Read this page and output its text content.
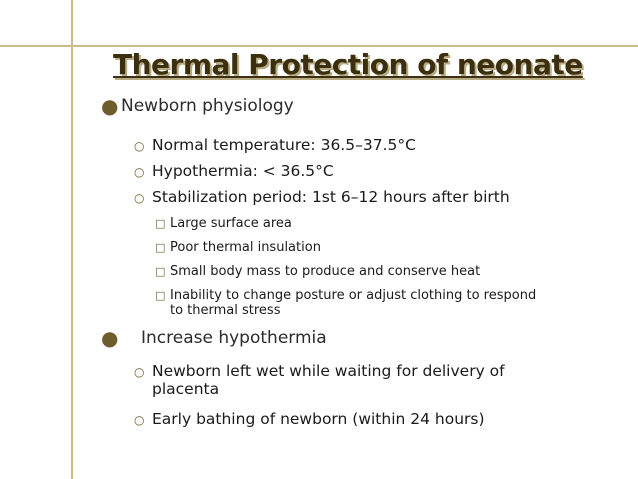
Thermal Protection of neonate
● Newborn physiology
○ Normal temperature: 36.5–37.5°C
○ Hypothermia: < 36.5°C
○ Stabilization period: 1st 6–12 hours after birth
□ Large surface area
□ Poor thermal insulation
□ Small body mass to produce and conserve heat
□ Inability to change posture or adjust clothing to respond
to thermal stress
●	Increase hypothermia
○ Newborn left wet while waiting for delivery of
placenta
○ Early bathing of newborn (within 24 hours)
